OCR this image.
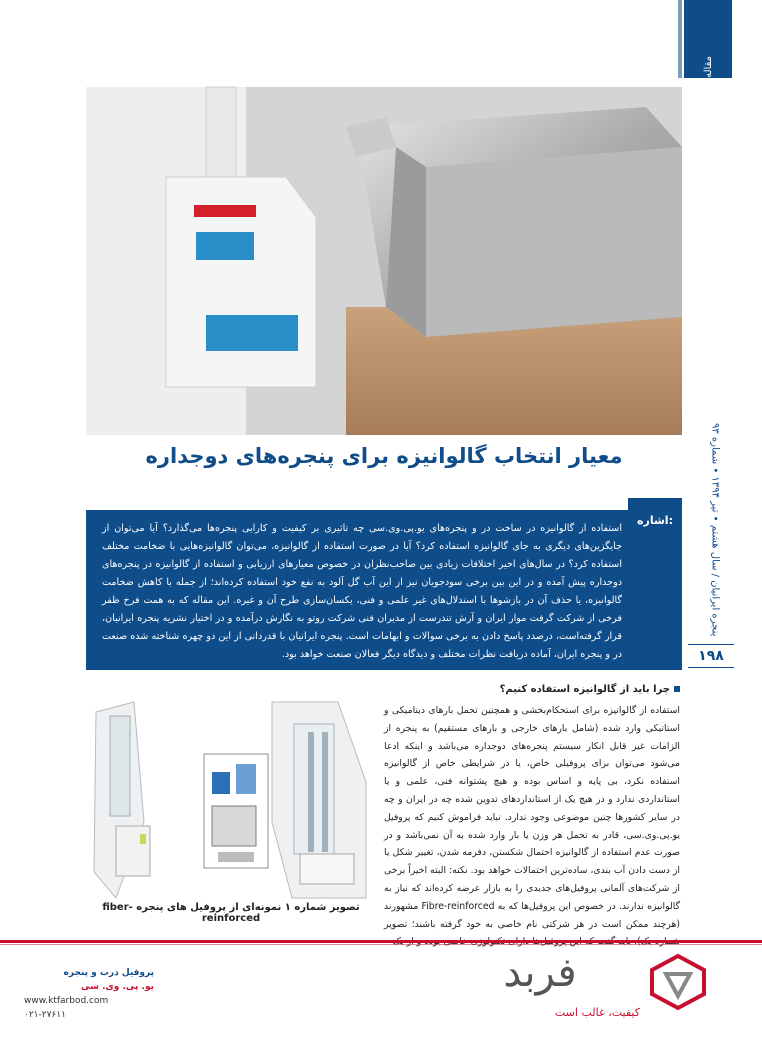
مقاله
پنجره ایرانیان / سال هشتم • تیر ۱۳۹۴ • شماره ۹۳
۱۹۸
معیار انتخاب گالوانیزه برای پنجره‌های دوجداره
اشاره:
استفاده از گالوانیزه در ساخت در و پنجره‌های یو.پی.وی.سی چه تاثیری بر کیفیت و کارایی پنجره‌ها می‌گذارد؟ آیا می‌توان از جایگزین‌های دیگری به جای گالوانیزه استفاده کرد؟ آیا در صورت استفاده از گالوانیزه، می‌توان گالوانیزه‌هایی با ضخامت مختلف استفاده کرد؟ در سال‌های اخیر اختلافات زیادی بین صاحب‌نظران در خصوص معیارهای ارزیابی و استفاده از گالوانیزه در پنجره‌های دوجداره پیش آمده و در این بین برخی سودجویان نیز از این آب گل آلود به نفع خود استفاده کرده‌اند؛ از جمله با کاهش ضخامت گالوانیزه، یا حذف آن در بازشوها با استدلال‌های غیر علمی و فنی، یکسان‌سازی طرح آن و غیره. این مقاله که به همت فرخ ظفر فرخی از شرکت گرفت موار ایران و آرش تندرست از مدیران فنی شرکت روتو به نگارش درآمده و در اختیار نشریه پنجره ایرانیان، قرار گرفته‌است، درصدد پاسخ دادن به برخی سوالات و ابهامات است. پنجره ایرانیان با قدردانی از این دو چهره شناخته شده صنعت در و پنجره ایران، آماده دریافت نظرات مختلف و دیدگاه دیگر فعالان صنعت خواهد بود.
چرا باید از گالوانیزه استفاده کنیم؟
استفاده از گالوانیزه برای استحکام‌بخشی و همچنین تحمل بارهای دینامیکی و استاتیکی وارد شده (شامل بارهای خارجی و بارهای مستقیم) به پنجره از الزامات غیر قابل انکار سیستم پنجره‌های دوجداره می‌باشد و اینکه ادعا می‌شود می‌توان برای پروفیلی خاص، یا در شرایطی خاص از گالوانیزه استفاده نکرد، بی پایه و اساس بوده و هیچ پشتوانه فنی، علمی و یا استانداردی ندارد و در هیچ یک از استانداردهای تدوین شده چه در ایران و چه در سایر کشورها چنین موضوعی وجود ندارد. نباید فراموش کنیم که پروفیل یو.پی.وی.سی، قادر به تحمل هر وزن یا بار وارد شده به آن نمی‌باشد و در صورت عدم استفاده از گالوانیزه احتمال شکستن، دفرمه شدن، تغییر شکل یا از دست دادن آب بندی، ساده‌ترین احتمالات خواهد بود. نکته: البته اخیراً برخی از شرکت‌های آلمانی پروفیل‌های جدیدی را به بازار عرضه کرده‌اند که نیاز به گالوانیزه ندارند. در خصوص این پروفیل‌ها که به Fibre-reinforced مشهورند (هرچند ممکن است در هر شرکتی نام خاصی به خود گرفته باشند؛ تصویر
تصویر شماره ۱ نمونه‌ای از پروفیل های پنجره fiber-reinforced
فربد
کیفیت، غالب است
پروفیل درب و پنجره
یو. پی. وی. سی
www.ktfarbod.com
۰۲۱-۲۷۶۱۱
